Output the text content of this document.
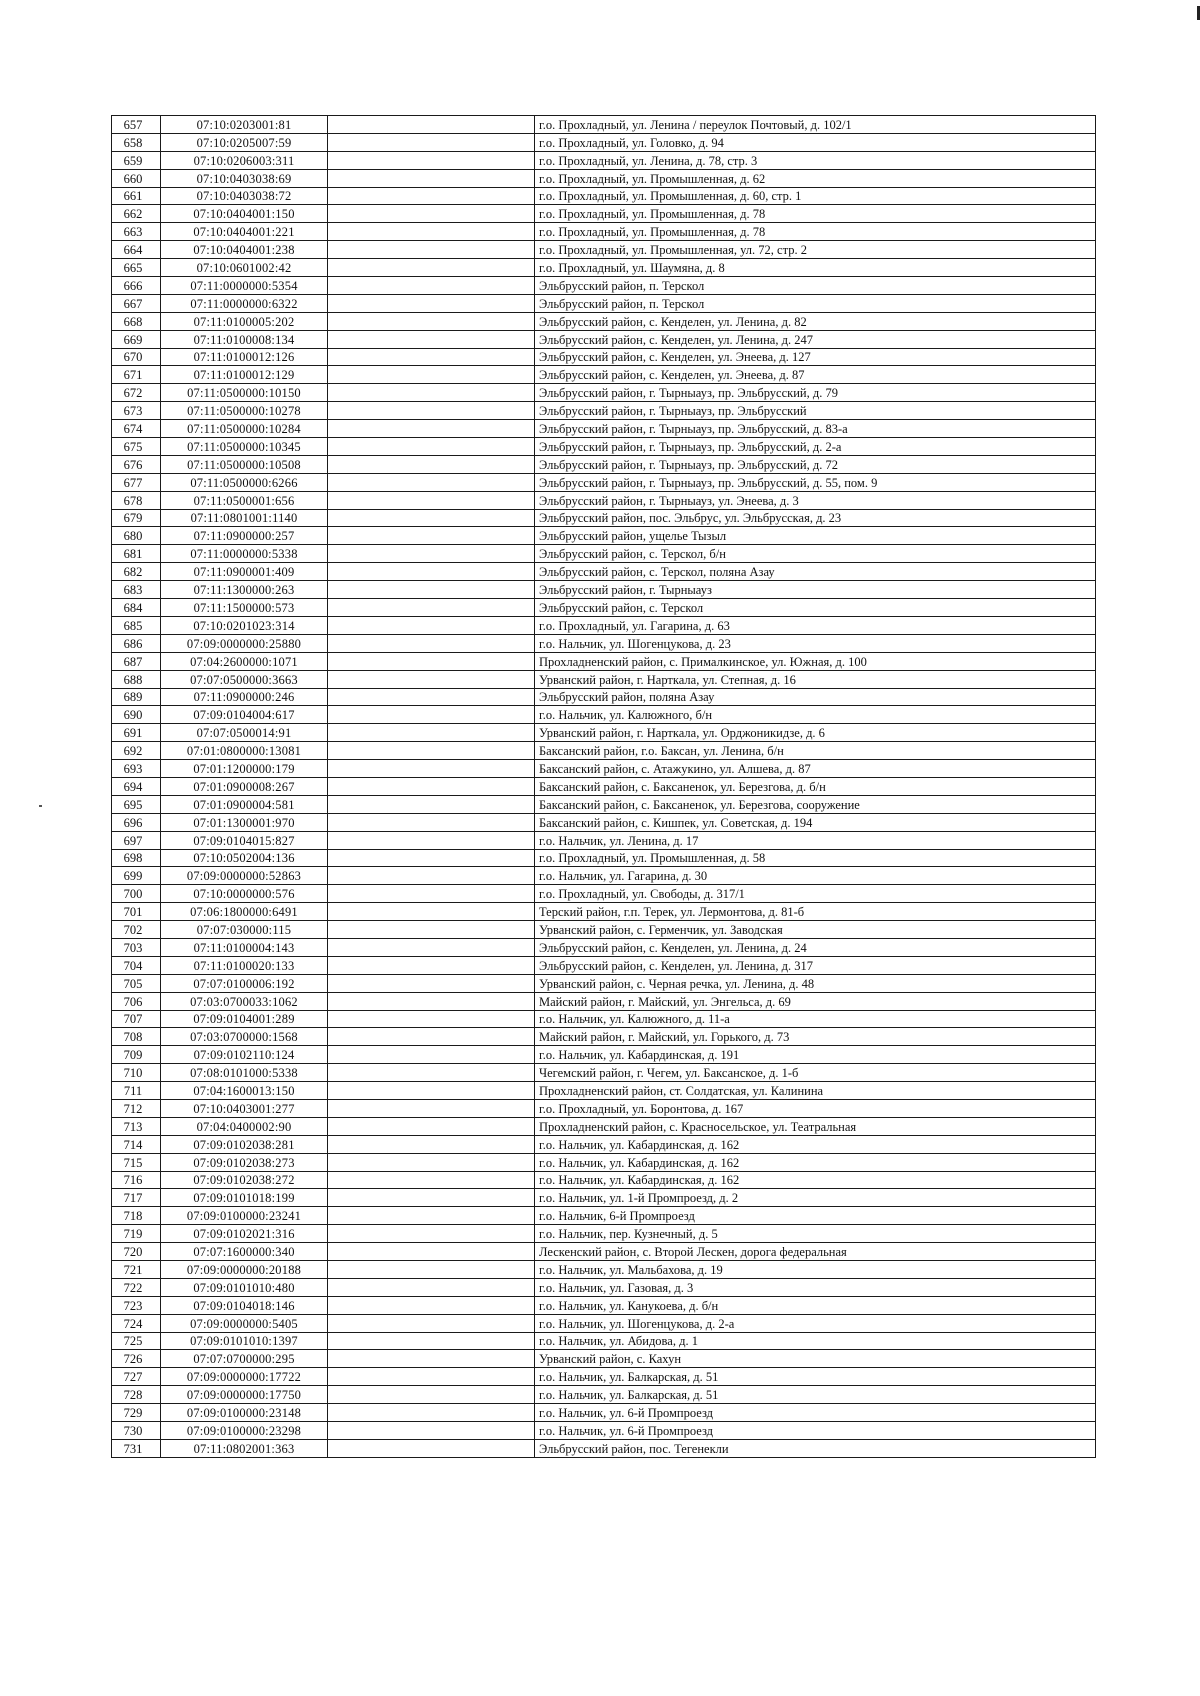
657	07:10:0203001:81		г.о. Прохладный, ул. Ленина / переулок Почтовый, д. 102/1
658	07:10:0205007:59		г.о. Прохладный, ул. Головко, д. 94
659	07:10:0206003:311		г.о. Прохладный, ул. Ленина, д. 78, стр. 3
660	07:10:0403038:69		г.о. Прохладный, ул. Промышленная, д. 62
661	07:10:0403038:72		г.о. Прохладный, ул. Промышленная, д. 60, стр. 1
662	07:10:0404001:150		г.о. Прохладный, ул. Промышленная, д. 78
663	07:10:0404001:221		г.о. Прохладный, ул. Промышленная, д. 78
664	07:10:0404001:238		г.о. Прохладный, ул. Промышленная, ул. 72, стр. 2
665	07:10:0601002:42		г.о. Прохладный, ул. Шаумяна, д. 8
666	07:11:0000000:5354		Эльбрусский район, п. Терскол
667	07:11:0000000:6322		Эльбрусский район, п. Терскол
668	07:11:0100005:202		Эльбрусский район, с. Кенделен, ул. Ленина, д. 82
669	07:11:0100008:134		Эльбрусский район, с. Кенделен, ул. Ленина, д. 247
670	07:11:0100012:126		Эльбрусский район, с. Кенделен, ул. Энеева, д. 127
671	07:11:0100012:129		Эльбрусский район, с. Кенделен, ул. Энеева, д. 87
672	07:11:0500000:10150		Эльбрусский район, г. Тырныауз, пр. Эльбрусский, д. 79
673	07:11:0500000:10278		Эльбрусский район, г. Тырныауз, пр. Эльбрусский
674	07:11:0500000:10284		Эльбрусский район, г. Тырныауз, пр. Эльбрусский, д. 83-а
675	07:11:0500000:10345		Эльбрусский район, г. Тырныауз, пр. Эльбрусский, д. 2-а
676	07:11:0500000:10508		Эльбрусский район, г. Тырныауз, пр. Эльбрусский, д. 72
677	07:11:0500000:6266		Эльбрусский район, г. Тырныауз, пр. Эльбрусский, д. 55, пом. 9
678	07:11:0500001:656		Эльбрусский район, г. Тырныауз, ул. Энеева, д. 3
679	07:11:0801001:1140		Эльбрусский район, пос. Эльбрус, ул. Эльбрусская, д. 23
680	07:11:0900000:257		Эльбрусский район, ущелье Тызыл
681	07:11:0000000:5338		Эльбрусский район, с. Терскол, б/н
682	07:11:0900001:409		Эльбрусский район, с. Терскол, поляна Азау
683	07:11:1300000:263		Эльбрусский район, г. Тырныауз
684	07:11:1500000:573		Эльбрусский район, с. Терскол
685	07:10:0201023:314		г.о. Прохладный, ул. Гагарина, д. 63
686	07:09:0000000:25880		г.о. Нальчик, ул. Шогенцукова, д. 23
687	07:04:2600000:1071		Прохладненский район, с. Прималкинское, ул. Южная, д. 100
688	07:07:0500000:3663		Урванский район, г. Нарткала, ул. Степная, д. 16
689	07:11:0900000:246		Эльбрусский район, поляна Азау
690	07:09:0104004:617		г.о. Нальчик, ул. Калюжного, б/н
691	07:07:0500014:91		Урванский район, г. Нарткала, ул. Орджоникидзе, д. 6
692	07:01:0800000:13081		Баксанский район, г.о. Баксан, ул. Ленина, б/н
693	07:01:1200000:179		Баксанский район, с. Атажукино, ул. Алшева, д. 87
694	07:01:0900008:267		Баксанский район, с. Баксаненок, ул. Березгова, д. б/н
695	07:01:0900004:581		Баксанский район, с. Баксаненок, ул. Березгова, сооружение
696	07:01:1300001:970		Баксанский район, с. Кишпек, ул. Советская, д. 194
697	07:09:0104015:827		г.о. Нальчик, ул. Ленина, д. 17
698	07:10:0502004:136		г.о. Прохладный, ул. Промышленная, д. 58
699	07:09:0000000:52863		г.о. Нальчик, ул. Гагарина, д. 30
700	07:10:0000000:576		г.о. Прохладный, ул. Свободы, д. 317/1
701	07:06:1800000:6491		Терский район, г.п. Терек, ул. Лермонтова, д. 81-б
702	07:07:030000:115		Урванский район, с. Герменчик, ул. Заводская
703	07:11:0100004:143		Эльбрусский район, с. Кенделен, ул. Ленина, д. 24
704	07:11:0100020:133		Эльбрусский район, с. Кенделен, ул. Ленина, д. 317
705	07:07:0100006:192		Урванский район, с. Черная речка, ул. Ленина, д. 48
706	07:03:0700033:1062		Майский район, г. Майский, ул. Энгельса, д. 69
707	07:09:0104001:289		г.о. Нальчик, ул. Калюжного, д. 11-а
708	07:03:0700000:1568		Майский район, г. Майский, ул. Горького, д. 73
709	07:09:0102110:124		г.о. Нальчик, ул. Кабардинская, д. 191
710	07:08:0101000:5338		Чегемский район, г. Чегем, ул. Баксанское, д. 1-б
711	07:04:1600013:150		Прохладненский район, ст. Солдатская, ул. Калинина
712	07:10:0403001:277		г.о. Прохладный, ул. Боронтова, д. 167
713	07:04:0400002:90		Прохладненский район, с. Красносельское, ул. Театральная
714	07:09:0102038:281		г.о. Нальчик, ул. Кабардинская, д. 162
715	07:09:0102038:273		г.о. Нальчик, ул. Кабардинская, д. 162
716	07:09:0102038:272		г.о. Нальчик, ул. Кабардинская, д. 162
717	07:09:0101018:199		г.о. Нальчик, ул. 1-й Промпроезд, д. 2
718	07:09:0100000:23241		г.о. Нальчик, 6-й Промпроезд
719	07:09:0102021:316		г.о. Нальчик, пер. Кузнечный, д. 5
720	07:07:1600000:340		Лескенский район, с. Второй Лескен, дорога федеральная
721	07:09:0000000:20188		г.о. Нальчик, ул. Мальбахова, д. 19
722	07:09:0101010:480		г.о. Нальчик, ул. Газовая, д. 3
723	07:09:0104018:146		г.о. Нальчик, ул. Канукоева, д. б/н
724	07:09:0000000:5405		г.о. Нальчик, ул. Шогенцукова, д. 2-а
725	07:09:0101010:1397		г.о. Нальчик, ул. Абидова, д. 1
726	07:07:0700000:295		Урванский район, с. Кахун
727	07:09:0000000:17722		г.о. Нальчик, ул. Балкарская, д. 51
728	07:09:0000000:17750		г.о. Нальчик, ул. Балкарская, д. 51
729	07:09:0100000:23148		г.о. Нальчик, ул. 6-й Промпроезд
730	07:09:0100000:23298		г.о. Нальчик, ул. 6-й Промпроезд
731	07:11:0802001:363		Эльбрусский район, пос. Тегенекли
